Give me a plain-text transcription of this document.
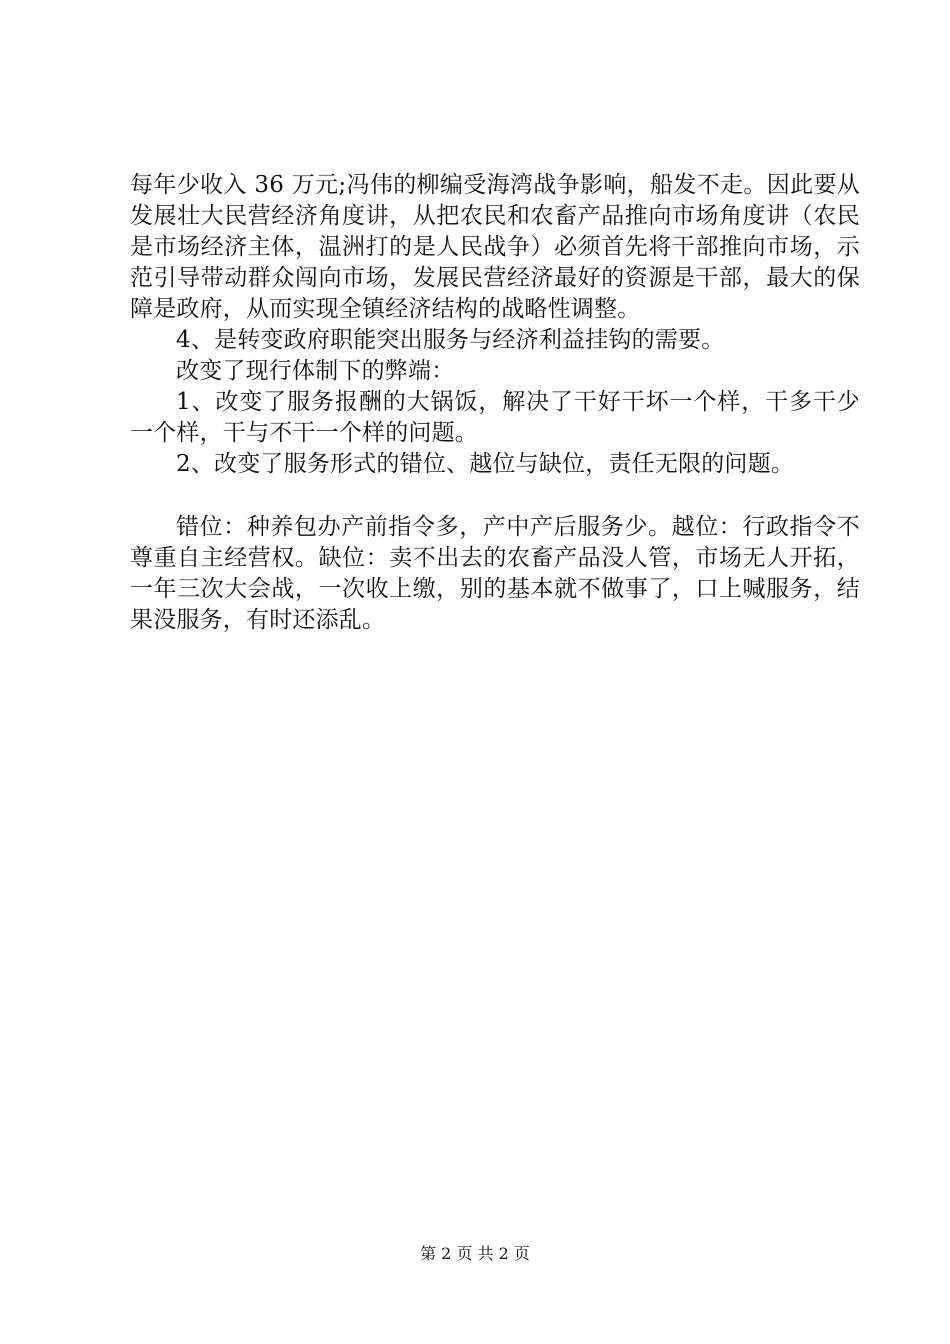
每年少收入 36 万元;冯伟的柳编受海湾战争影响，船发不走。因此要从发展壮大民营经济角度讲，从把农民和农畜产品推向市场角度讲（农民是市场经济主体，温洲打的是人民战争）必须首先将干部推向市场，示范引导带动群众闯向市场，发展民营经济最好的资源是干部，最大的保障是政府，从而实现全镇经济结构的战略性调整。

4、是转变政府职能突出服务与经济利益挂钩的需要。

改变了现行体制下的弊端：

1、改变了服务报酬的大锅饭，解决了干好干坏一个样，干多干少一个样，干与不干一个样的问题。

2、改变了服务形式的错位、越位与缺位，责任无限的问题。

错位：种养包办产前指令多，产中产后服务少。越位：行政指令不尊重自主经营权。缺位：卖不出去的农畜产品没人管，市场无人开拓，一年三次大会战，一次收上缴，别的基本就不做事了，口上喊服务，结果没服务，有时还添乱。

第 2 页 共 2 页
